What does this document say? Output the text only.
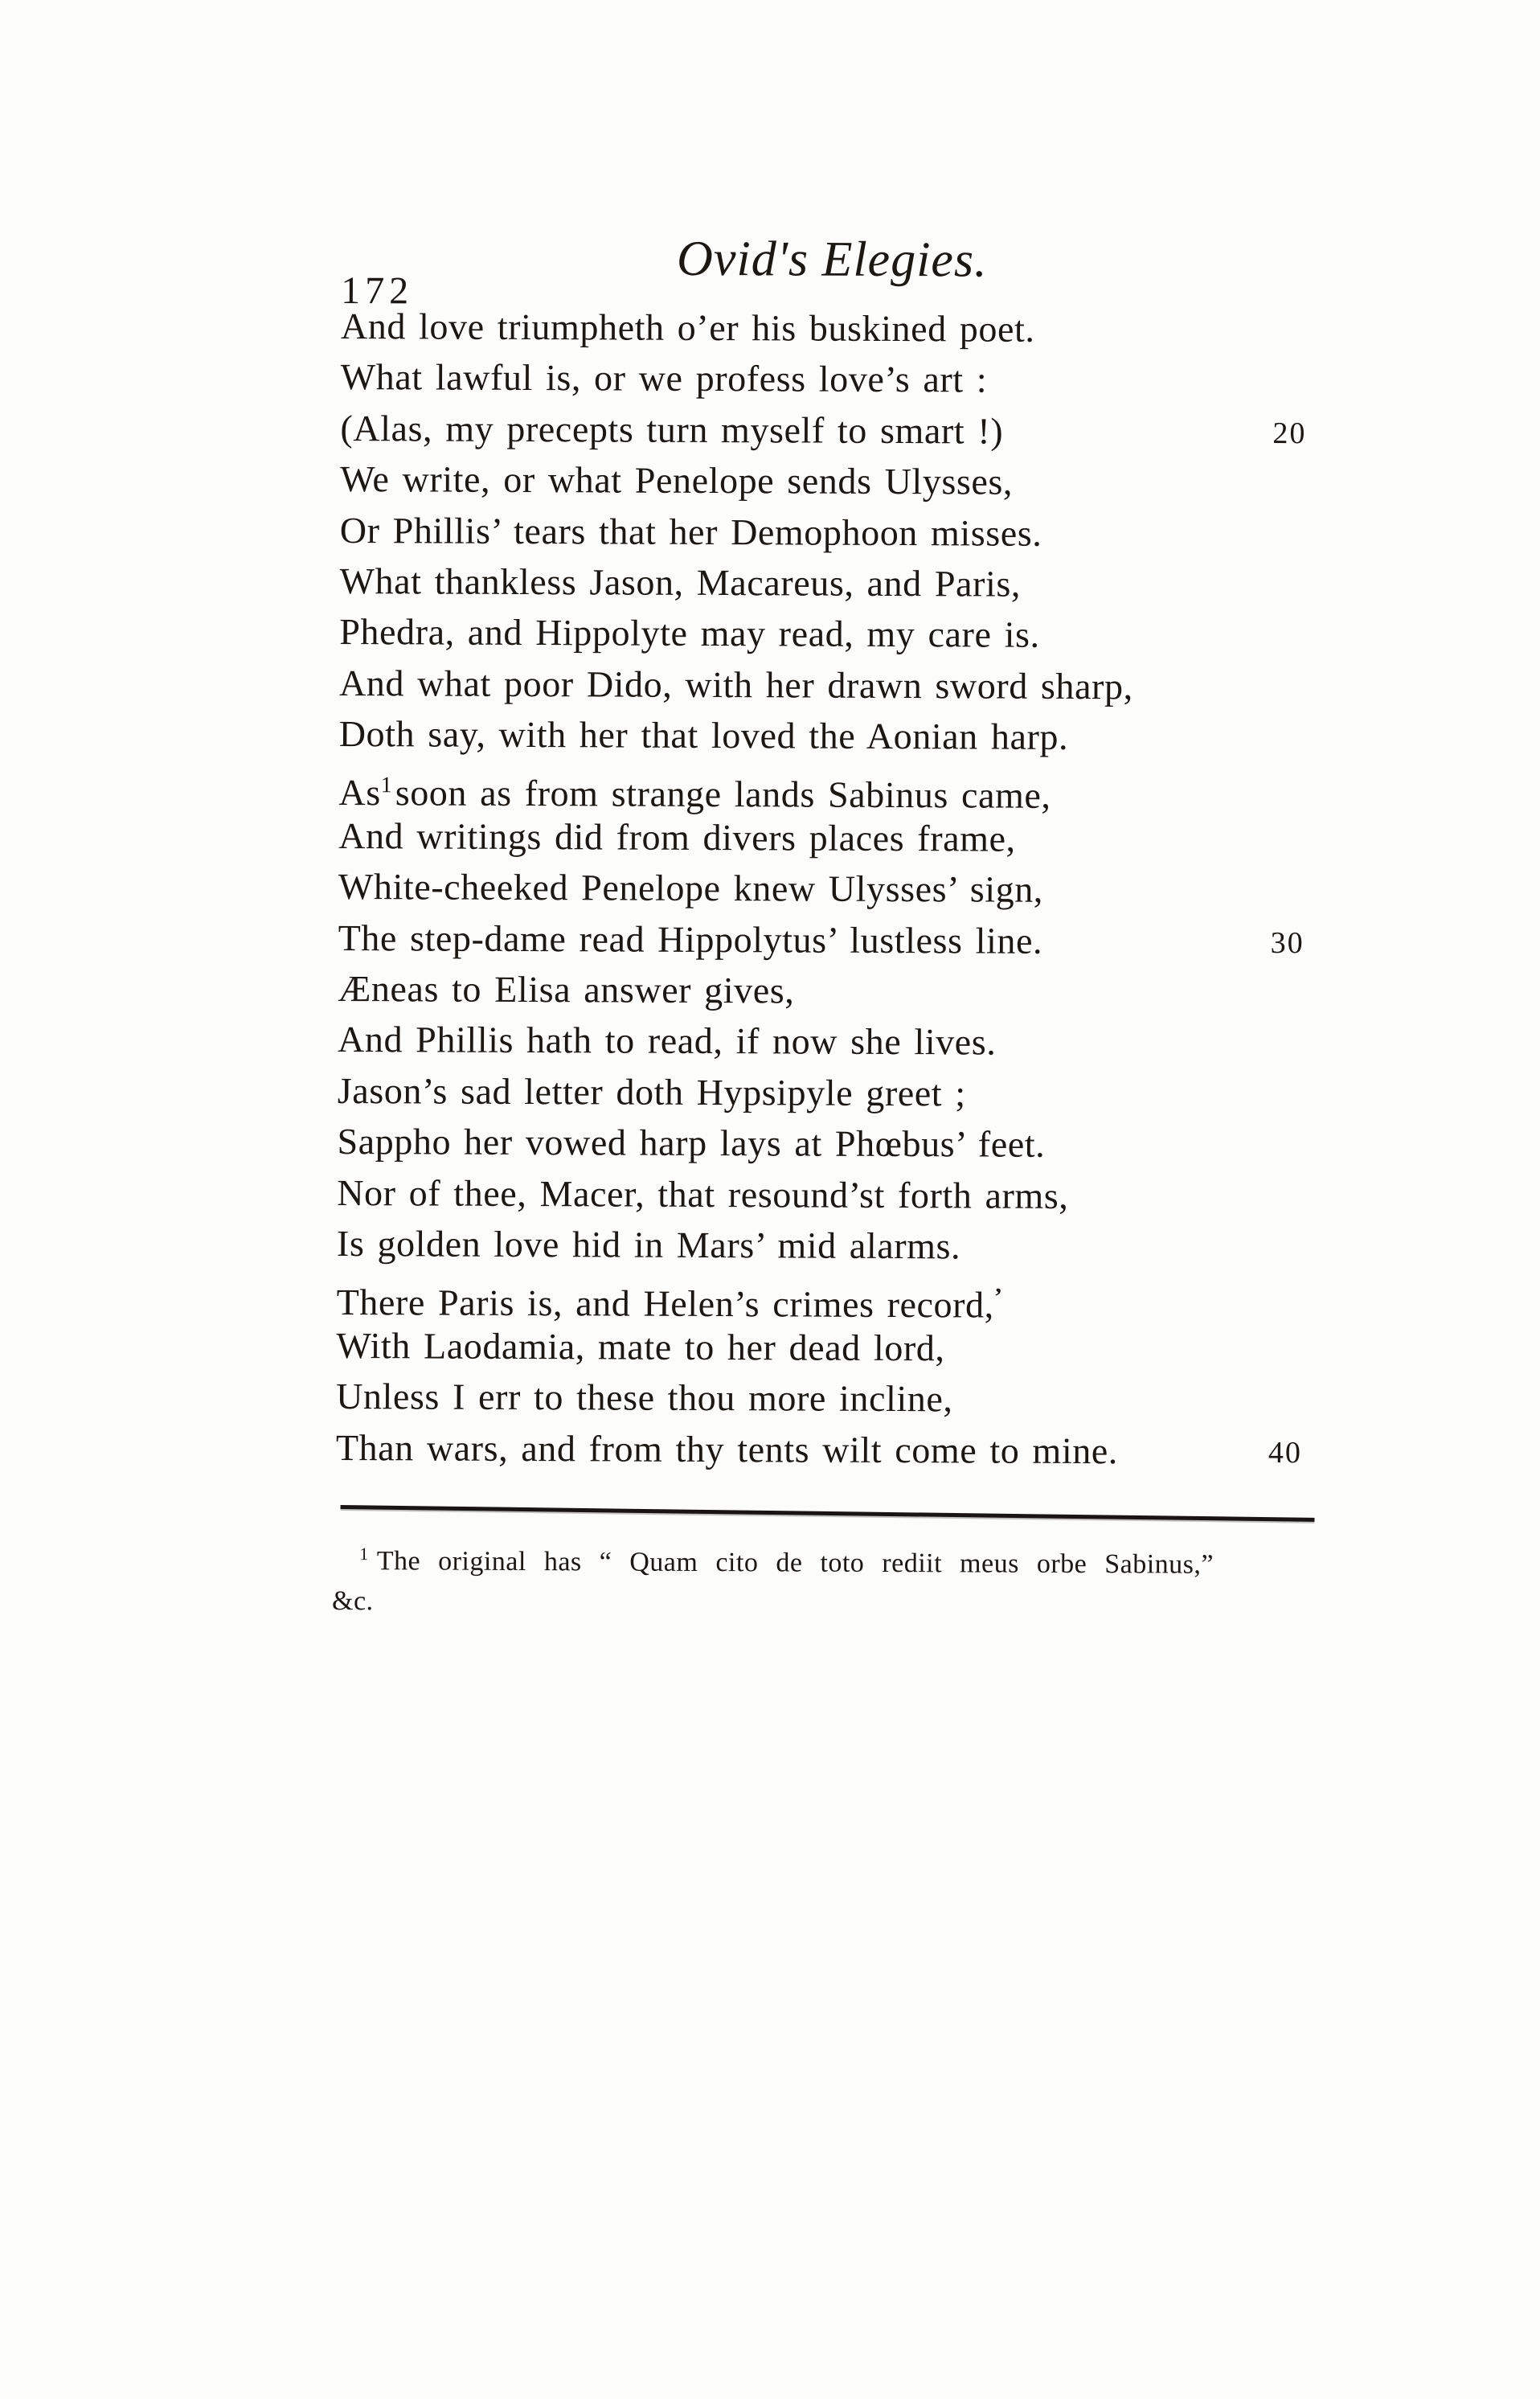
172
Ovid's Elegies.
And love triumpheth o’er his buskined poet.
What lawful is, or we profess love’s art :
(Alas, my precepts turn myself to smart !)	20
We write, or what Penelope sends Ulysses,
Or Phillis’ tears that her Demophoon misses.
What thankless Jason, Macareus, and Paris,
Phedra, and Hippolyte may read, my care is.
And what poor Dido, with her drawn sword sharp,
Doth say, with her that loved the Aonian harp.
As$^1$soon as from strange lands Sabinus came,
And writings did from divers places frame,
White-cheeked Penelope knew Ulysses’ sign,
The step-dame read Hippolytus’ lustless line.	30
Æneas to Elisa answer gives,
And Phillis hath to read, if now she lives.
Jason’s sad letter doth Hypsipyle greet ;
Sappho her vowed harp lays at Phœbus’ feet.
Nor of thee, Macer, that resound’st forth arms,
Is golden love hid in Mars’ mid alarms.
There Paris is, and Helen’s crimes record,’
With Laodamia, mate to her dead lord,
Unless I err to these thou more incline,
Than wars, and from thy tents wilt come to mine.	40
$^1$ The original has “ Quam cito de toto rediit meus orbe Sabinus,”
&c.
